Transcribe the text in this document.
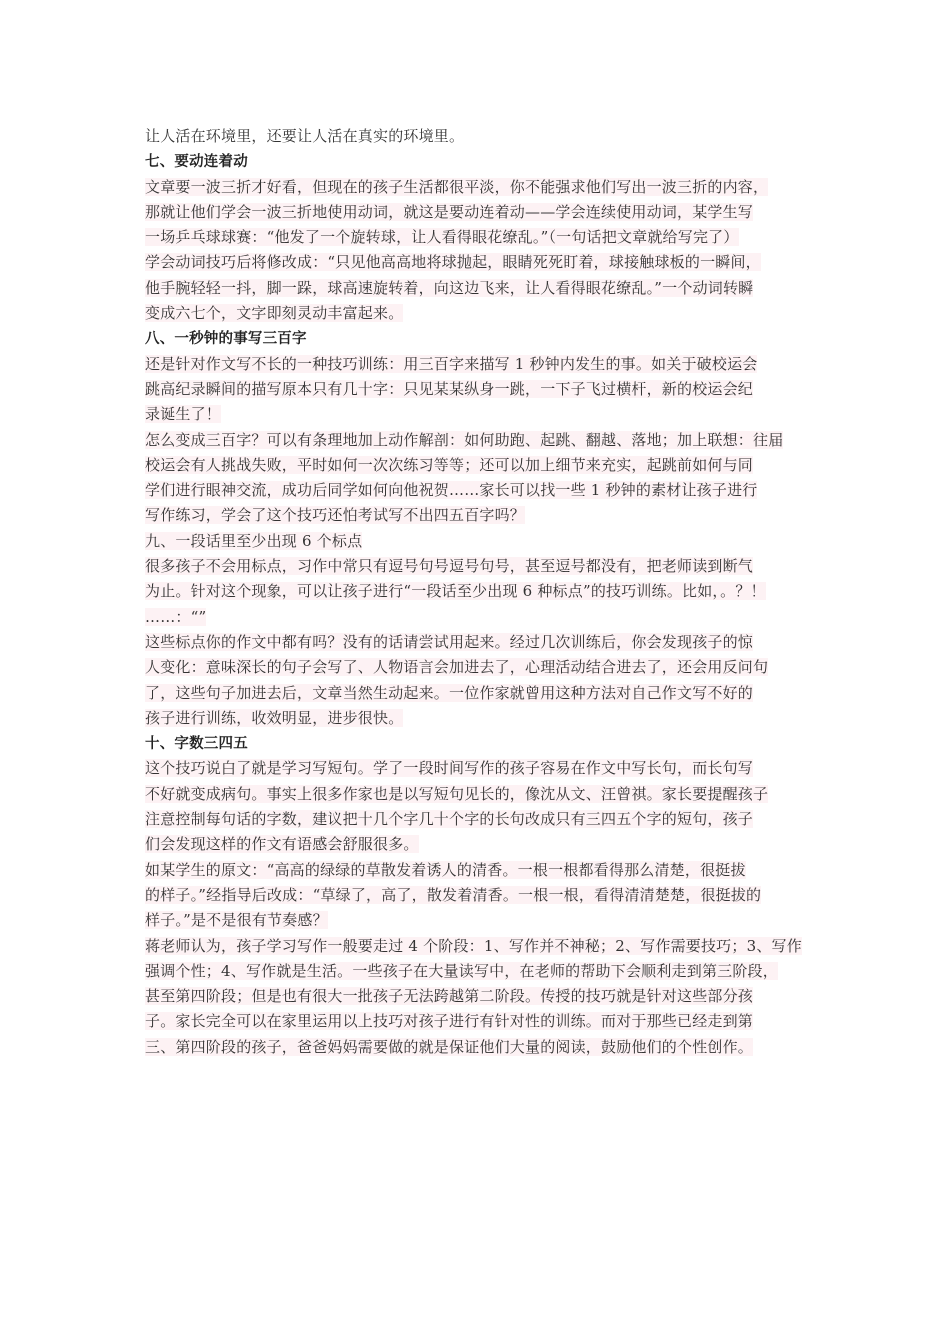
让人活在环境里，还要让人活在真实的环境里。
七、要动连着动
文章要一波三折才好看，但现在的孩子生活都很平淡，你不能强求他们写出一波三折的内容，
那就让他们学会一波三折地使用动词，就这是要动连着动——学会连续使用动词，某学生写
一场乒乓球球赛：“他发了一个旋转球，让人看得眼花缭乱。”（一句话把文章就给写完了）
学会动词技巧后将修改成：“只见他高高地将球抛起，眼睛死死盯着，球接触球板的一瞬间，
他手腕轻轻一抖，脚一跺，球高速旋转着，向这边飞来，让人看得眼花缭乱。”一个动词转瞬
变成六七个，文字即刻灵动丰富起来。
八、一秒钟的事写三百字
还是针对作文写不长的一种技巧训练：用三百字来描写 1 秒钟内发生的事。如关于破校运会
跳高纪录瞬间的描写原本只有几十字：只见某某纵身一跳，一下子飞过横杆，新的校运会纪
录诞生了！
怎么变成三百字？可以有条理地加上动作解剖：如何助跑、起跳、翻越、落地；加上联想：往届
校运会有人挑战失败，平时如何一次次练习等等；还可以加上细节来充实，起跳前如何与同
学们进行眼神交流，成功后同学如何向他祝贺……家长可以找一些 1 秒钟的素材让孩子进行
写作练习，学会了这个技巧还怕考试写不出四五百字吗？
九、一段话里至少出现 6 个标点
很多孩子不会用标点，习作中常只有逗号句号逗号句号，甚至逗号都没有，把老师读到断气
为止。针对这个现象，可以让孩子进行“一段话至少出现 6 种标点”的技巧训练。比如，。？！
……：“”
这些标点你的作文中都有吗？没有的话请尝试用起来。经过几次训练后，你会发现孩子的惊
人变化：意味深长的句子会写了、人物语言会加进去了，心理活动结合进去了，还会用反问句
了，这些句子加进去后，文章当然生动起来。一位作家就曾用这种方法对自己作文写不好的
孩子进行训练，收效明显，进步很快。
十、字数三四五
这个技巧说白了就是学习写短句。学了一段时间写作的孩子容易在作文中写长句，而长句写
不好就变成病句。事实上很多作家也是以写短句见长的，像沈从文、汪曾祺。家长要提醒孩子
注意控制每句话的字数，建议把十几个字几十个字的长句改成只有三四五个字的短句，孩子
们会发现这样的作文有语感会舒服很多。
如某学生的原文：“高高的绿绿的草散发着诱人的清香。一根一根都看得那么清楚，很挺拔
的样子。”经指导后改成：“草绿了，高了，散发着清香。一根一根，看得清清楚楚，很挺拔的
样子。”是不是很有节奏感？
蒋老师认为，孩子学习写作一般要走过 4 个阶段：1、写作并不神秘；2、写作需要技巧；3、写作
强调个性；4、写作就是生活。一些孩子在大量读写中，在老师的帮助下会顺利走到第三阶段，
甚至第四阶段；但是也有很大一批孩子无法跨越第二阶段。传授的技巧就是针对这些部分孩
子。家长完全可以在家里运用以上技巧对孩子进行有针对性的训练。而对于那些已经走到第
三、第四阶段的孩子，爸爸妈妈需要做的就是保证他们大量的阅读，鼓励他们的个性创作。
